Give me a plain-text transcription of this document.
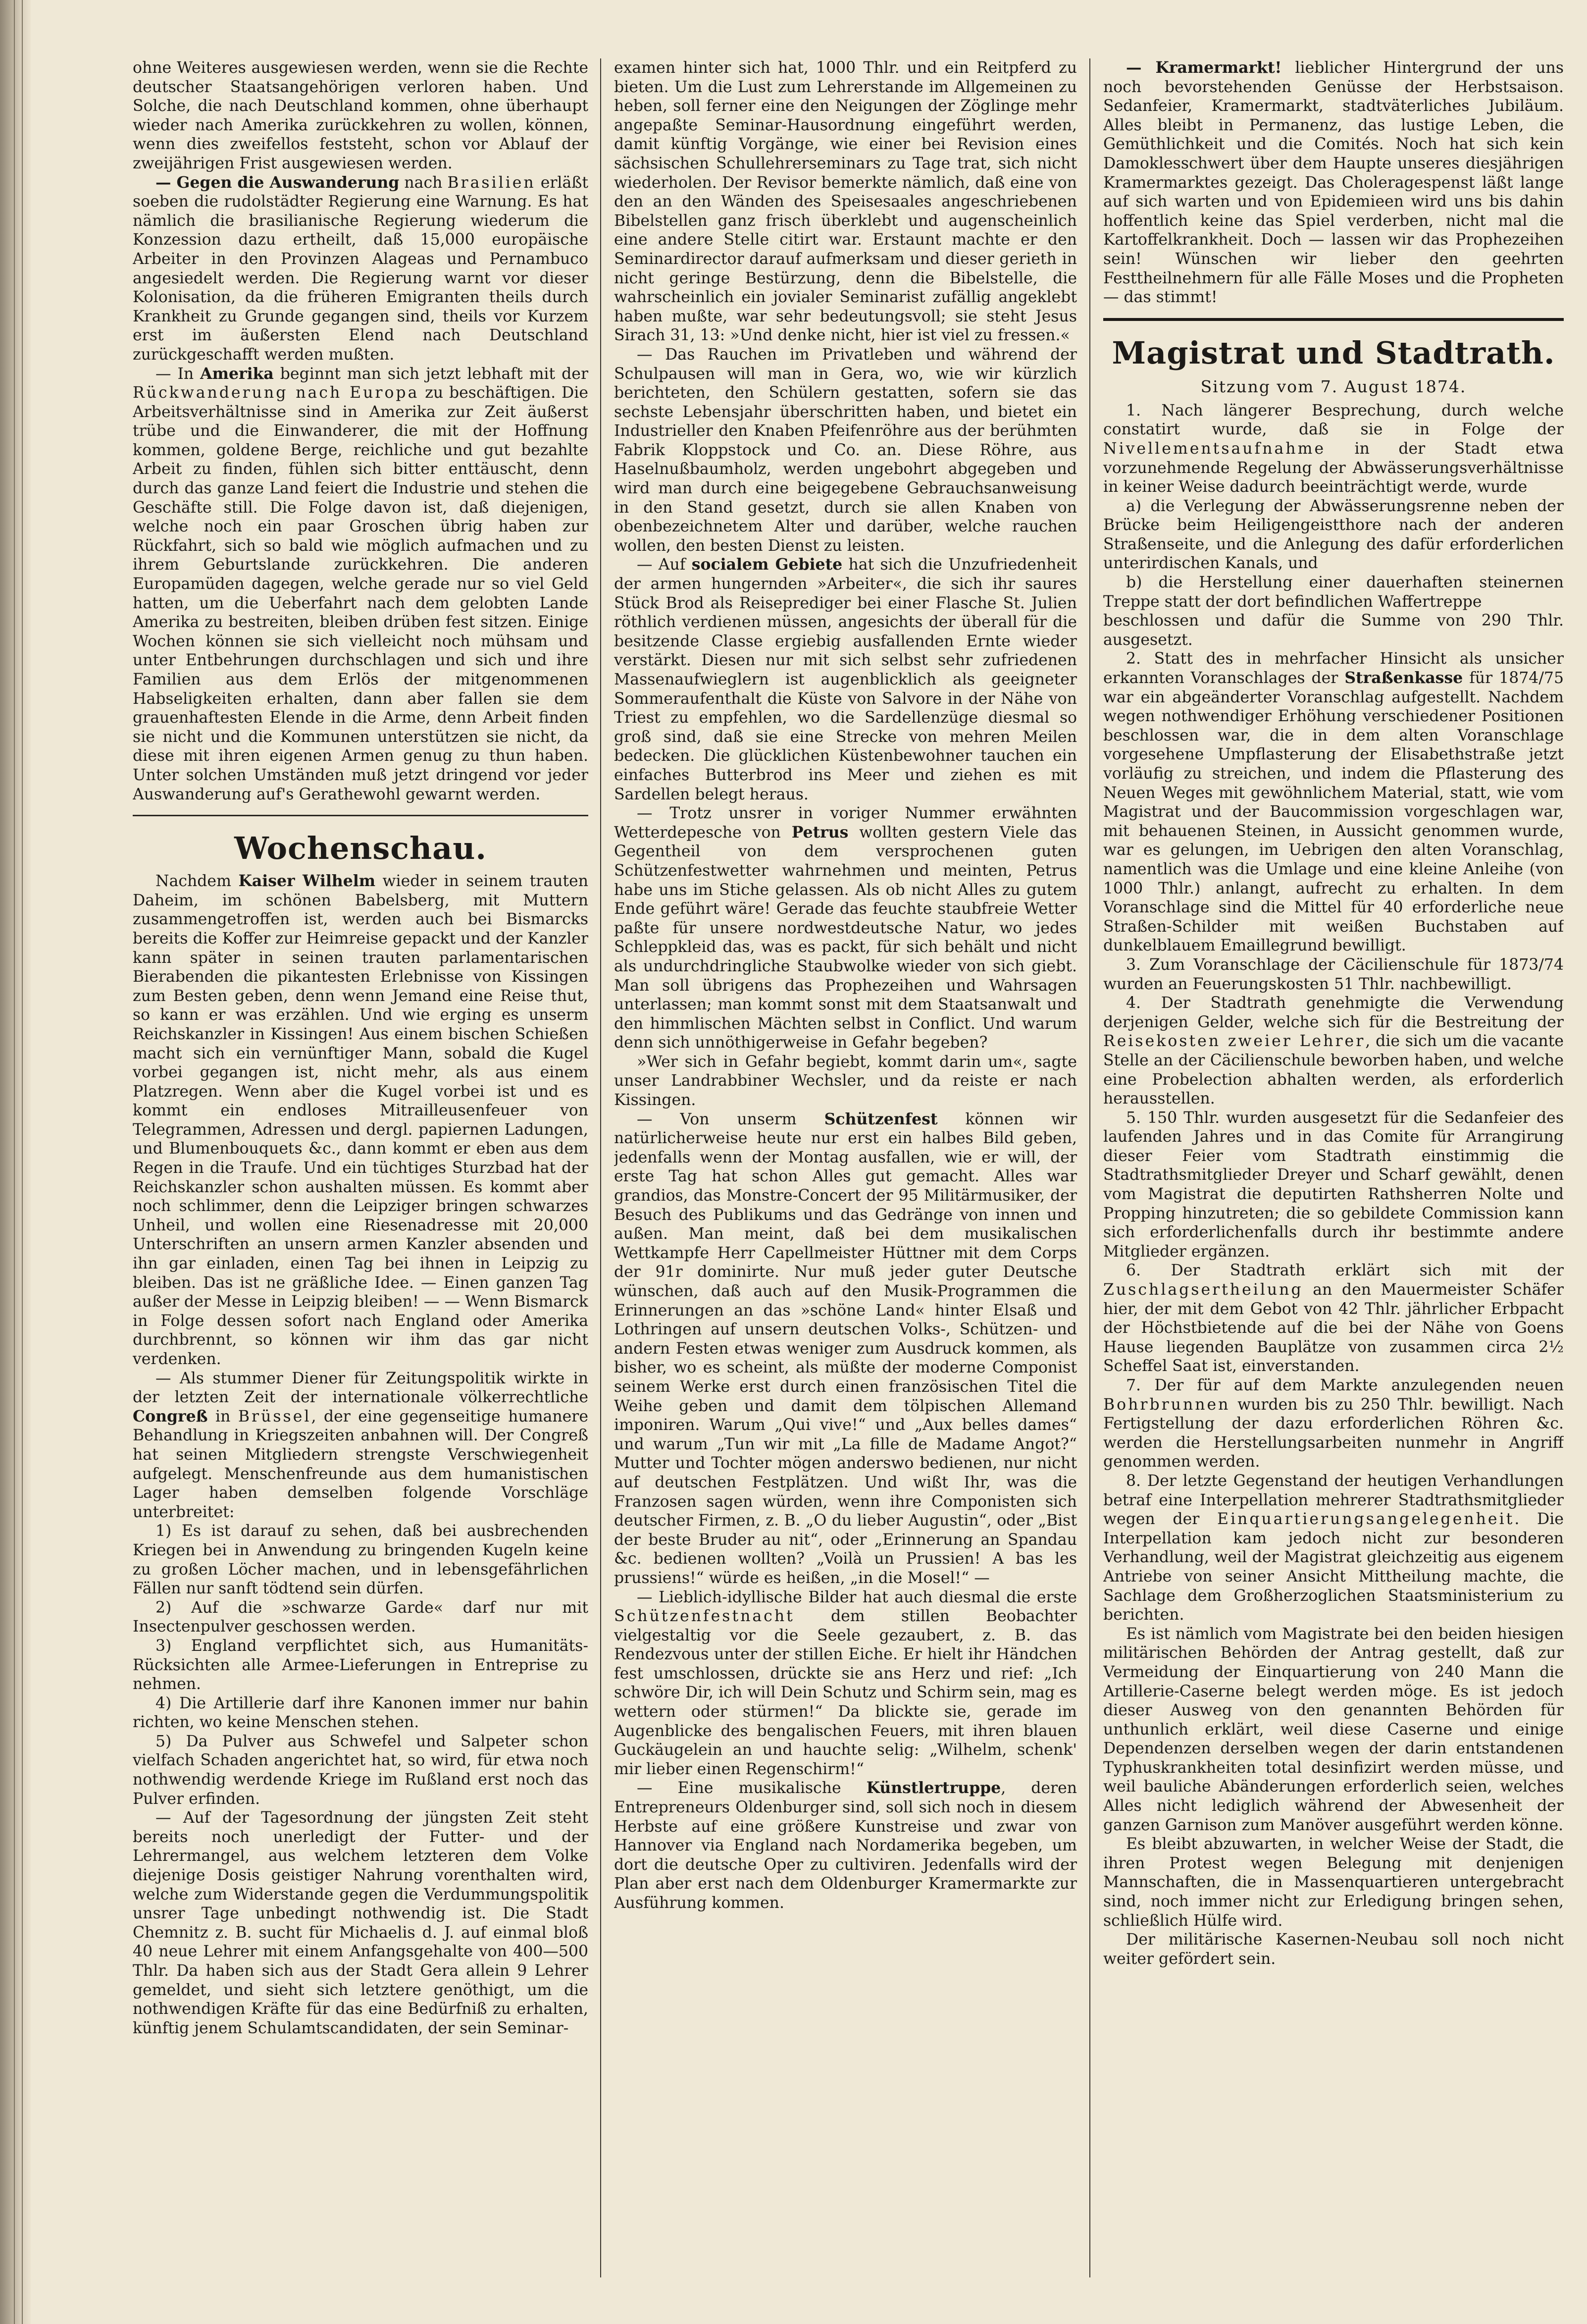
ohne Weiteres ausgewiesen werden, wenn sie die Rechte deutscher Staatsangehörigen verloren haben. Und Solche, die nach Deutschland kommen, ohne überhaupt wieder nach Amerika zurückkehren zu wollen, können, wenn dies zweifellos feststeht, schon vor Ablauf der zweijährigen Frist ausgewiesen werden.

— Gegen die Auswanderung nach Brasilien erläßt soeben die rudolstädter Regierung eine Warnung. Es hat nämlich die brasilianische Regierung wiederum die Konzession dazu ertheilt, daß 15,000 europäische Arbeiter in den Provinzen Alageas und Pernambuco angesiedelt werden. Die Regierung warnt vor dieser Kolonisation, da die früheren Emigranten theils durch Krankheit zu Grunde gegangen sind, theils vor Kurzem erst im äußersten Elend nach Deutschland zurückgeschafft werden mußten.

— In Amerika beginnt man sich jetzt lebhaft mit der Rückwanderung nach Europa zu beschäftigen. Die Arbeitsverhältnisse sind in Amerika zur Zeit äußerst trübe und die Einwanderer, die mit der Hoffnung kommen, goldene Berge, reichliche und gut bezahlte Arbeit zu finden, fühlen sich bitter enttäuscht, denn durch das ganze Land feiert die Industrie und stehen die Geschäfte still. Die Folge davon ist, daß diejenigen, welche noch ein paar Groschen übrig haben zur Rückfahrt, sich so bald wie möglich aufmachen und zu ihrem Geburtslande zurückkehren. Die anderen Europamüden dagegen, welche gerade nur so viel Geld hatten, um die Ueberfahrt nach dem gelobten Lande Amerika zu bestreiten, bleiben drüben fest sitzen. Einige Wochen können sie sich vielleicht noch mühsam und unter Entbehrungen durchschlagen und sich und ihre Familien aus dem Erlös der mitgenommenen Habseligkeiten erhalten, dann aber fallen sie dem grauenhaftesten Elende in die Arme, denn Arbeit finden sie nicht und die Kommunen unterstützen sie nicht, da diese mit ihren eigenen Armen genug zu thun haben. Unter solchen Umständen muß jetzt dringend vor jeder Auswanderung auf's Gerathewohl gewarnt werden.

Wochenschau.

Nachdem Kaiser Wilhelm wieder in seinem trauten Daheim, im schönen Babelsberg, mit Muttern zusammengetroffen ist, werden auch bei Bismarcks bereits die Koffer zur Heimreise gepackt und der Kanzler kann später in seinen trauten parlamentarischen Bierabenden die pikantesten Erlebnisse von Kissingen zum Besten geben, denn wenn Jemand eine Reise thut, so kann er was erzählen. Und wie erging es unserm Reichskanzler in Kissingen! Aus einem bischen Schießen macht sich ein vernünftiger Mann, sobald die Kugel vorbei gegangen ist, nicht mehr, als aus einem Platzregen. Wenn aber die Kugel vorbei ist und es kommt ein endloses Mitrailleusenfeuer von Telegrammen, Adressen und dergl. papiernen Ladungen, und Blumenbouquets &c., dann kommt er eben aus dem Regen in die Traufe. Und ein tüchtiges Sturzbad hat der Reichskanzler schon aushalten müssen. Es kommt aber noch schlimmer, denn die Leipziger bringen schwarzes Unheil, und wollen eine Riesenadresse mit 20,000 Unterschriften an unsern armen Kanzler absenden und ihn gar einladen, einen Tag bei ihnen in Leipzig zu bleiben. Das ist ne gräßliche Idee. — Einen ganzen Tag außer der Messe in Leipzig bleiben! — — Wenn Bismarck in Folge dessen sofort nach England oder Amerika durchbrennt, so können wir ihm das gar nicht verdenken.

— Als stummer Diener für Zeitungspolitik wirkte in der letzten Zeit der internationale völkerrechtliche Congreß in Brüssel, der eine gegenseitige humanere Behandlung in Kriegszeiten anbahnen will. Der Congreß hat seinen Mitgliedern strengste Verschwiegenheit aufgelegt. Menschenfreunde aus dem humanistischen Lager haben demselben folgende Vorschläge unterbreitet:

1) Es ist darauf zu sehen, daß bei ausbrechenden Kriegen bei in Anwendung zu bringenden Kugeln keine zu großen Löcher machen, und in lebensgefährlichen Fällen nur sanft tödtend sein dürfen.

2) Auf die »schwarze Garde« darf nur mit Insectenpulver geschossen werden.

3) England verpflichtet sich, aus Humanitäts-Rücksichten alle Armee-Lieferungen in Entreprise zu nehmen.

4) Die Artillerie darf ihre Kanonen immer nur bahin richten, wo keine Menschen stehen.

5) Da Pulver aus Schwefel und Salpeter schon vielfach Schaden angerichtet hat, so wird, für etwa noch nothwendig werdende Kriege im Rußland erst noch das Pulver erfinden.

— Auf der Tagesordnung der jüngsten Zeit steht bereits noch unerledigt der Futter- und der Lehrermangel, aus welchem letzteren dem Volke diejenige Dosis geistiger Nahrung vorenthalten wird, welche zum Widerstande gegen die Verdummungspolitik unsrer Tage unbedingt nothwendig ist. Die Stadt Chemnitz z. B. sucht für Michaelis d. J. auf einmal bloß 40 neue Lehrer mit einem Anfangsgehalte von 400—500 Thlr. Da haben sich aus der Stadt Gera allein 9 Lehrer gemeldet, und sieht sich letztere genöthigt, um die nothwendigen Kräfte für das eine Bedürfniß zu erhalten, künftig jenem Schulamtscandidaten, der sein Seminar-

examen hinter sich hat, 1000 Thlr. und ein Reitpferd zu bieten. Um die Lust zum Lehrerstande im Allgemeinen zu heben, soll ferner eine den Neigungen der Zöglinge mehr angepaßte Seminar-Hausordnung eingeführt werden, damit künftig Vorgänge, wie einer bei Revision eines sächsischen Schullehrerseminars zu Tage trat, sich nicht wiederholen. Der Revisor bemerkte nämlich, daß eine von den an den Wänden des Speisesaales angeschriebenen Bibelstellen ganz frisch überklebt und augenscheinlich eine andere Stelle citirt war. Erstaunt machte er den Seminardirector darauf aufmerksam und dieser gerieth in nicht geringe Bestürzung, denn die Bibelstelle, die wahrscheinlich ein jovialer Seminarist zufällig angeklebt haben mußte, war sehr bedeutungsvoll; sie steht Jesus Sirach 31, 13: »Und denke nicht, hier ist viel zu fressen.«

— Das Rauchen im Privatleben und während der Schulpausen will man in Gera, wo, wie wir kürzlich berichteten, den Schülern gestatten, sofern sie das sechste Lebensjahr überschritten haben, und bietet ein Industrieller den Knaben Pfeifenröhre aus der berühmten Fabrik Kloppstock und Co. an. Diese Röhre, aus Haselnußbaumholz, werden ungebohrt abgegeben und wird man durch eine beigegebene Gebrauchsanweisung in den Stand gesetzt, durch sie allen Knaben von obenbezeichnetem Alter und darüber, welche rauchen wollen, den besten Dienst zu leisten.

— Auf socialem Gebiete hat sich die Unzufriedenheit der armen hungernden »Arbeiter«, die sich ihr saures Stück Brod als Reiseprediger bei einer Flasche St. Julien röthlich verdienen müssen, angesichts der überall für die besitzende Classe ergiebig ausfallenden Ernte wieder verstärkt. Diesen nur mit sich selbst sehr zufriedenen Massenaufwieglern ist augenblicklich als geeigneter Sommeraufenthalt die Küste von Salvore in der Nähe von Triest zu empfehlen, wo die Sardellenzüge diesmal so groß sind, daß sie eine Strecke von mehren Meilen bedecken. Die glücklichen Küstenbewohner tauchen ein einfaches Butterbrod ins Meer und ziehen es mit Sardellen belegt heraus.

— Trotz unsrer in voriger Nummer erwähnten Wetterdepesche von Petrus wollten gestern Viele das Gegentheil von dem versprochenen guten Schützenfestwetter wahrnehmen und meinten, Petrus habe uns im Stiche gelassen. Als ob nicht Alles zu gutem Ende geführt wäre! Gerade das feuchte staubfreie Wetter paßte für unsere nordwestdeutsche Natur, wo jedes Schleppkleid das, was es packt, für sich behält und nicht als undurchdringliche Staubwolke wieder von sich giebt. Man soll übrigens das Prophezeihen und Wahrsagen unterlassen; man kommt sonst mit dem Staatsanwalt und den himmlischen Mächten selbst in Conflict. Und warum denn sich unnöthigerweise in Gefahr begeben?

»Wer sich in Gefahr begiebt, kommt darin um«, sagte unser Landrabbiner Wechsler, und da reiste er nach Kissingen.

— Von unserm Schützenfest können wir natürlicherweise heute nur erst ein halbes Bild geben, jedenfalls wenn der Montag ausfallen, wie er will, der erste Tag hat schon Alles gut gemacht. Alles war grandios, das Monstre-Concert der 95 Militärmusiker, der Besuch des Publikums und das Gedränge von innen und außen. Man meint, daß bei dem musikalischen Wettkampfe Herr Capellmeister Hüttner mit dem Corps der 91r dominirte. Nur muß jeder guter Deutsche wünschen, daß auch auf den Musik-Programmen die Erinnerungen an das »schöne Land« hinter Elsaß und Lothringen auf unsern deutschen Volks-, Schützen- und andern Festen etwas weniger zum Ausdruck kommen, als bisher, wo es scheint, als müßte der moderne Componist seinem Werke erst durch einen französischen Titel die Weihe geben und damit dem tölpischen Allemand imponiren. Warum „Qui vive!“ und „Aux belles dames“ und warum „Tun wir mit „La fille de Madame Angot?“ Mutter und Tochter mögen anderswo bedienen, nur nicht auf deutschen Festplätzen. Und wißt Ihr, was die Franzosen sagen würden, wenn ihre Componisten sich deutscher Firmen, z. B. „O du lieber Augustin“, oder „Bist der beste Bruder au nit“, oder „Erinnerung an Spandau &c. bedienen wollten? „Voilà un Prussien! A bas les prussiens!“ würde es heißen, „in die Mosel!“ —

— Lieblich-idyllische Bilder hat auch diesmal die erste Schützenfestnacht dem stillen Beobachter vielgestaltig vor die Seele gezaubert, z. B. das Rendezvous unter der stillen Eiche. Er hielt ihr Händchen fest umschlossen, drückte sie ans Herz und rief: „Ich schwöre Dir, ich will Dein Schutz und Schirm sein, mag es wettern oder stürmen!“ Da blickte sie, gerade im Augenblicke des bengalischen Feuers, mit ihren blauen Guckäugelein an und hauchte selig: „Wilhelm, schenk' mir lieber einen Regenschirm!“

— Eine musikalische Künstlertruppe, deren Entrepreneurs Oldenburger sind, soll sich noch in diesem Herbste auf eine größere Kunstreise und zwar von Hannover via England nach Nordamerika begeben, um dort die deutsche Oper zu cultiviren. Jedenfalls wird der Plan aber erst nach dem Oldenburger Kramermarkte zur Ausführung kommen.

— Kramermarkt! lieblicher Hintergrund der uns noch bevorstehenden Genüsse der Herbstsaison. Sedanfeier, Kramermarkt, stadtväterliches Jubiläum. Alles bleibt in Permanenz, das lustige Leben, die Gemüthlichkeit und die Comités. Noch hat sich kein Damoklesschwert über dem Haupte unseres diesjährigen Kramermarktes gezeigt. Das Choleragespenst läßt lange auf sich warten und von Epidemieen wird uns bis dahin hoffentlich keine das Spiel verderben, nicht mal die Kartoffelkrankheit. Doch — lassen wir das Prophezeihen sein! Wünschen wir lieber den geehrten Festtheilnehmern für alle Fälle Moses und die Propheten — das stimmt!

Magistrat und Stadtrath.
Sitzung vom 7. August 1874.

1. Nach längerer Besprechung, durch welche constatirt wurde, daß sie in Folge der Nivellementsaufnahme in der Stadt etwa vorzunehmende Regelung der Abwässerungsverhältnisse in keiner Weise dadurch beeinträchtigt werde, wurde

a) die Verlegung der Abwässerungsrenne neben der Brücke beim Heiligengeistthore nach der anderen Straßenseite, und die Anlegung des dafür erforderlichen unterirdischen Kanals, und

b) die Herstellung einer dauerhaften steinernen Treppe statt der dort befindlichen Waffertreppe

beschlossen und dafür die Summe von 290 Thlr. ausgesetzt.

2. Statt des in mehrfacher Hinsicht als unsicher erkannten Voranschlages der Straßenkasse für 1874/75 war ein abgeänderter Voranschlag aufgestellt. Nachdem wegen nothwendiger Erhöhung verschiedener Positionen beschlossen war, die in dem alten Voranschlage vorgesehene Umpflasterung der Elisabethstraße jetzt vorläufig zu streichen, und indem die Pflasterung des Neuen Weges mit gewöhnlichem Material, statt, wie vom Magistrat und der Baucommission vorgeschlagen war, mit behauenen Steinen, in Aussicht genommen wurde, war es gelungen, im Uebrigen den alten Voranschlag, namentlich was die Umlage und eine kleine Anleihe (von 1000 Thlr.) anlangt, aufrecht zu erhalten. In dem Voranschlage sind die Mittel für 40 erforderliche neue Straßen-Schilder mit weißen Buchstaben auf dunkelblauem Emaillegrund bewilligt.

3. Zum Voranschlage der Cäcilienschule für 1873/74 wurden an Feuerungskosten 51 Thlr. nachbewilligt.

4. Der Stadtrath genehmigte die Verwendung derjenigen Gelder, welche sich für die Bestreitung der Reisekosten zweier Lehrer, die sich um die vacante Stelle an der Cäcilienschule beworben haben, und welche eine Probelection abhalten werden, als erforderlich herausstellen.

5. 150 Thlr. wurden ausgesetzt für die Sedanfeier des laufenden Jahres und in das Comite für Arrangirung dieser Feier vom Stadtrath einstimmig die Stadtrathsmitglieder Dreyer und Scharf gewählt, denen vom Magistrat die deputirten Rathsherren Nolte und Propping hinzutreten; die so gebildete Commission kann sich erforderlichenfalls durch ihr bestimmte andere Mitglieder ergänzen.

6. Der Stadtrath erklärt sich mit der Zuschlagsertheilung an den Mauermeister Schäfer hier, der mit dem Gebot von 42 Thlr. jährlicher Erbpacht der Höchstbietende auf die bei der Nähe von Goens Hause liegenden Bauplätze von zusammen circa 2½ Scheffel Saat ist, einverstanden.

7. Der für auf dem Markte anzulegenden neuen Bohrbrunnen wurden bis zu 250 Thlr. bewilligt. Nach Fertigstellung der dazu erforderlichen Röhren &c. werden die Herstellungsarbeiten nunmehr in Angriff genommen werden.

8. Der letzte Gegenstand der heutigen Verhandlungen betraf eine Interpellation mehrerer Stadtrathsmitglieder wegen der Einquartierungsangelegenheit. Die Interpellation kam jedoch nicht zur besonderen Verhandlung, weil der Magistrat gleichzeitig aus eigenem Antriebe von seiner Ansicht Mittheilung machte, die Sachlage dem Großherzoglichen Staatsministerium zu berichten.

Es ist nämlich vom Magistrate bei den beiden hiesigen militärischen Behörden der Antrag gestellt, daß zur Vermeidung der Einquartierung von 240 Mann die Artillerie-Caserne belegt werden möge. Es ist jedoch dieser Ausweg von den genannten Behörden für unthunlich erklärt, weil diese Caserne und einige Dependenzen derselben wegen der darin entstandenen Typhuskrankheiten total desinfizirt werden müsse, und weil bauliche Abänderungen erforderlich seien, welches Alles nicht lediglich während der Abwesenheit der ganzen Garnison zum Manöver ausgeführt werden könne.

Es bleibt abzuwarten, in welcher Weise der Stadt, die ihren Protest wegen Belegung mit denjenigen Mannschaften, die in Massenquartieren untergebracht sind, noch immer nicht zur Erledigung bringen sehen, schließlich Hülfe wird.

Der militärische Kasernen-Neubau soll noch nicht weiter gefördert sein.
